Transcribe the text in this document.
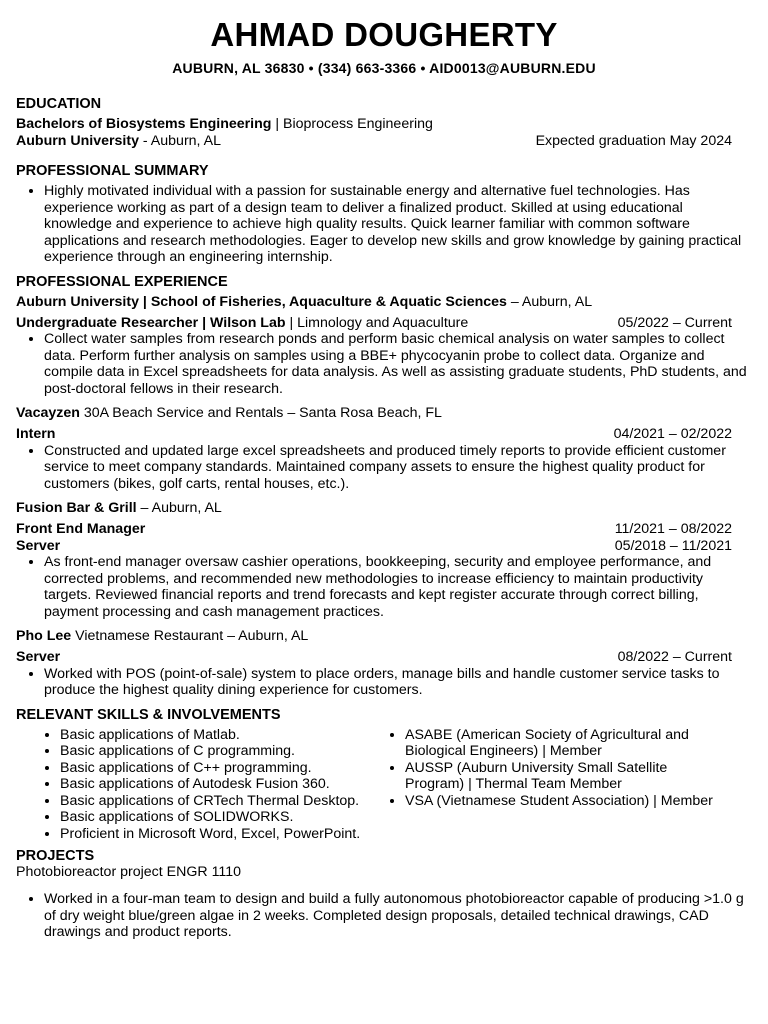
AHMAD DOUGHERTY
AUBURN, AL 36830 • (334) 663-3366 • AID0013@AUBURN.EDU
EDUCATION
Bachelors of Biosystems Engineering | Bioprocess Engineering
Auburn University - Auburn, AL	Expected graduation May 2024
PROFESSIONAL SUMMARY
• Highly motivated individual with a passion for sustainable energy and alternative fuel technologies. Has experience working as part of a design team to deliver a finalized product. Skilled at using educational knowledge and experience to achieve high quality results. Quick learner familiar with common software applications and research methodologies. Eager to develop new skills and grow knowledge by gaining practical experience through an engineering internship.
PROFESSIONAL EXPERIENCE
Auburn University | School of Fisheries, Aquaculture & Aquatic Sciences – Auburn, AL
Undergraduate Researcher | Wilson Lab | Limnology and Aquaculture	05/2022 – Current
• Collect water samples from research ponds and perform basic chemical analysis on water samples to collect data. Perform further analysis on samples using a BBE+ phycocyanin probe to collect data. Organize and compile data in Excel spreadsheets for data analysis. As well as assisting graduate students, PhD students, and post-doctoral fellows in their research.
Vacayzen 30A Beach Service and Rentals – Santa Rosa Beach, FL
Intern	04/2021 – 02/2022
• Constructed and updated large excel spreadsheets and produced timely reports to provide efficient customer service to meet company standards. Maintained company assets to ensure the highest quality product for customers (bikes, golf carts, rental houses, etc.).
Fusion Bar & Grill – Auburn, AL
Front End Manager	11/2021 – 08/2022
Server	05/2018 – 11/2021
• As front-end manager oversaw cashier operations, bookkeeping, security and employee performance, and corrected problems, and recommended new methodologies to increase efficiency to maintain productivity targets. Reviewed financial reports and trend forecasts and kept register accurate through correct billing, payment processing and cash management practices.
Pho Lee Vietnamese Restaurant – Auburn, AL
Server	08/2022 – Current
• Worked with POS (point-of-sale) system to place orders, manage bills and handle customer service tasks to produce the highest quality dining experience for customers.
RELEVANT SKILLS & INVOLVEMENTS
• Basic applications of Matlab.
• Basic applications of C programming.
• Basic applications of C++ programming.
• Basic applications of Autodesk Fusion 360.
• Basic applications of CRTech Thermal Desktop.
• Basic applications of SOLIDWORKS.
• Proficient in Microsoft Word, Excel, PowerPoint.
• ASABE (American Society of Agricultural and Biological Engineers) | Member
• AUSSP (Auburn University Small Satellite Program) | Thermal Team Member
• VSA (Vietnamese Student Association) | Member
PROJECTS
Photobioreactor project ENGR 1110
• Worked in a four-man team to design and build a fully autonomous photobioreactor capable of producing >1.0 g of dry weight blue/green algae in 2 weeks. Completed design proposals, detailed technical drawings, CAD drawings and product reports.
